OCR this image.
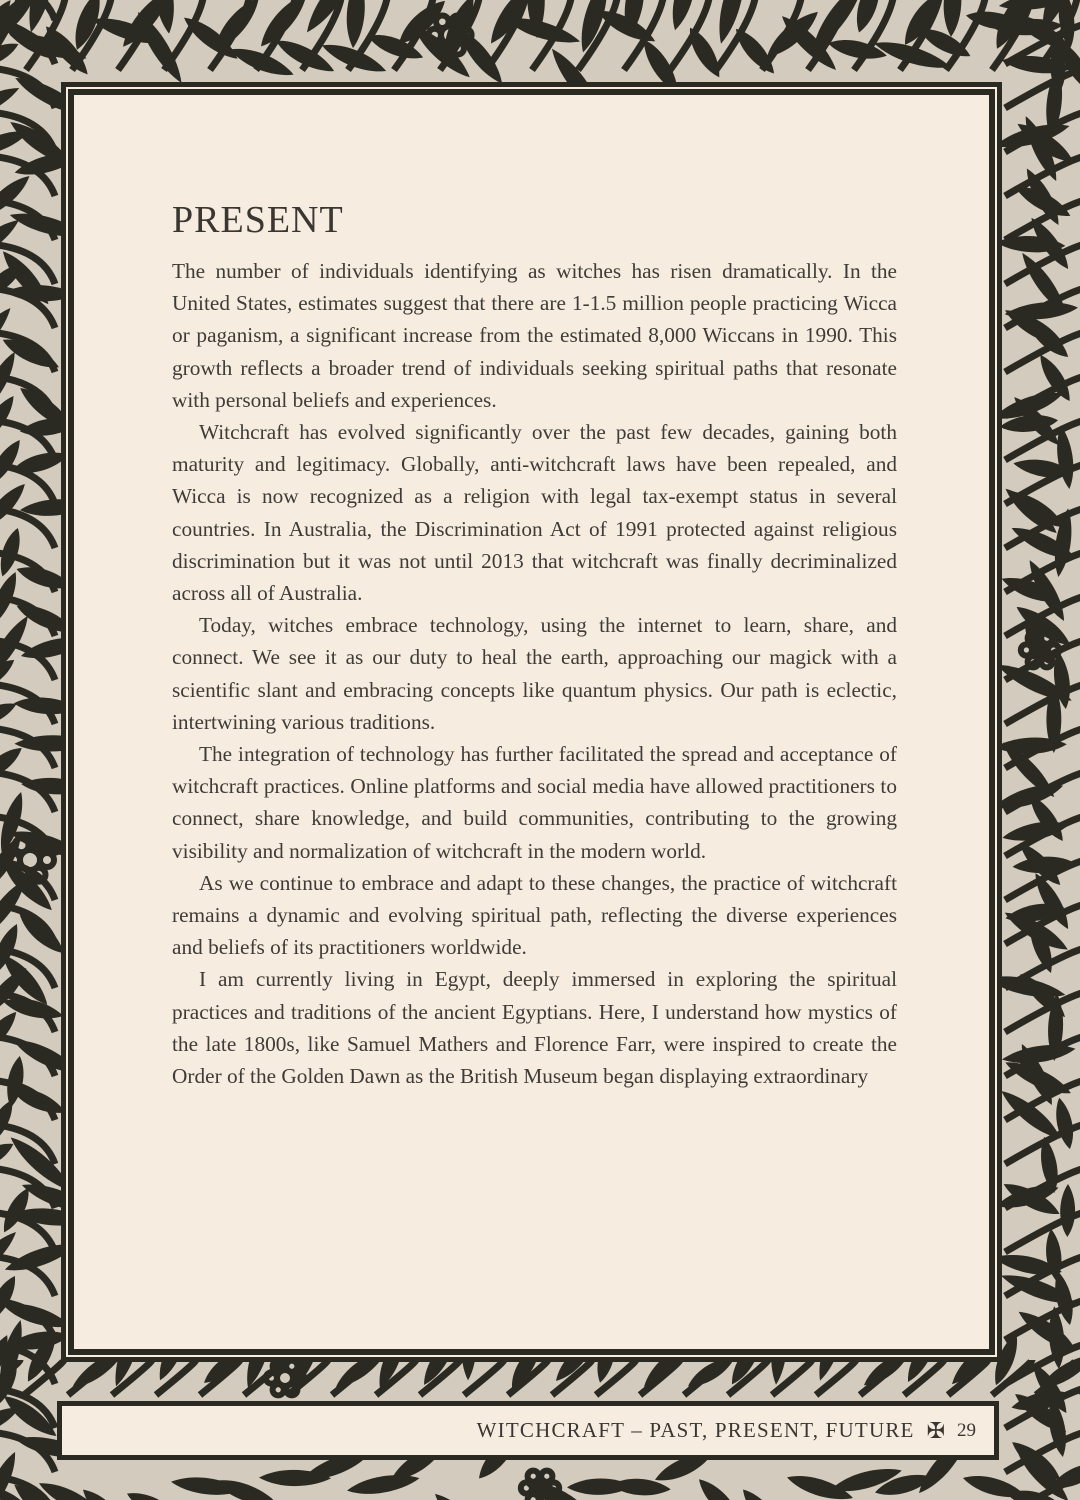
PRESENT

The number of individuals identifying as witches has risen dramatically. In the United States, estimates suggest that there are 1-1.5 million people practicing Wicca or paganism, a significant increase from the estimated 8,000 Wiccans in 1990. This growth reflects a broader trend of individuals seeking spiritual paths that resonate with personal beliefs and experiences.

Witchcraft has evolved significantly over the past few decades, gaining both maturity and legitimacy. Globally, anti-witchcraft laws have been repealed, and Wicca is now recognized as a religion with legal tax-exempt status in several countries. In Australia, the Discrimination Act of 1991 protected against religious discrimination but it was not until 2013 that witchcraft was finally decriminalized across all of Australia.

Today, witches embrace technology, using the internet to learn, share, and connect. We see it as our duty to heal the earth, approaching our magick with a scientific slant and embracing concepts like quantum physics. Our path is eclectic, intertwining various traditions.

The integration of technology has further facilitated the spread and acceptance of witchcraft practices. Online platforms and social media have allowed practitioners to connect, share knowledge, and build communities, contributing to the growing visibility and normalization of witchcraft in the modern world.

As we continue to embrace and adapt to these changes, the practice of witchcraft remains a dynamic and evolving spiritual path, reflecting the diverse experiences and beliefs of its practitioners worldwide.

I am currently living in Egypt, deeply immersed in exploring the spiritual practices and traditions of the ancient Egyptians. Here, I understand how mystics of the late 1800s, like Samuel Mathers and Florence Farr, were inspired to create the Order of the Golden Dawn as the British Museum began displaying extraordinary

WITCHCRAFT – PAST, PRESENT, FUTURE ✠ 29
